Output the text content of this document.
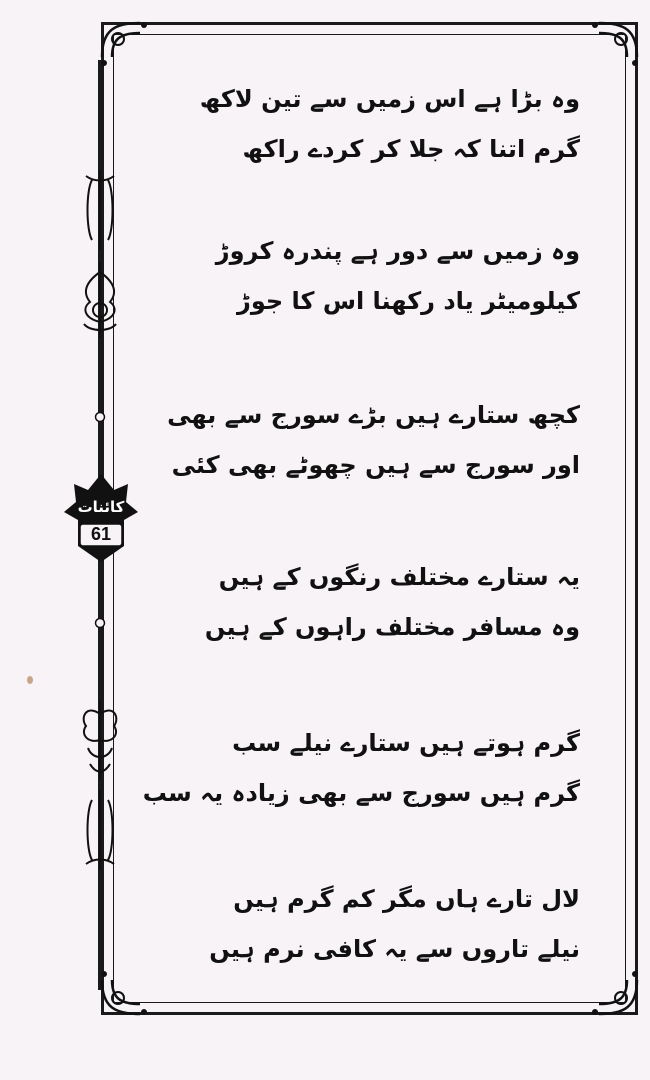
کائنات
61
وہ بڑا ہے اس زمیں سے تین لاکھ
گرم اتنا کہ جلا کر کردے راکھ
وہ زمیں سے دور ہے پندرہ کروڑ
کیلومیٹر یاد رکھنا اس کا جوڑ
کچھ ستارے ہیں بڑے سورج سے بھی
اور سورج سے ہیں چھوٹے بھی کئی
یہ ستارے مختلف رنگوں کے ہیں
وہ مسافر مختلف راہوں کے ہیں
گرم ہوتے ہیں ستارے نیلے سب
گرم ہیں سورج سے بھی زیادہ یہ سب
لال تارے ہاں مگر کم گرم ہیں
نیلے تاروں سے یہ کافی نرم ہیں
